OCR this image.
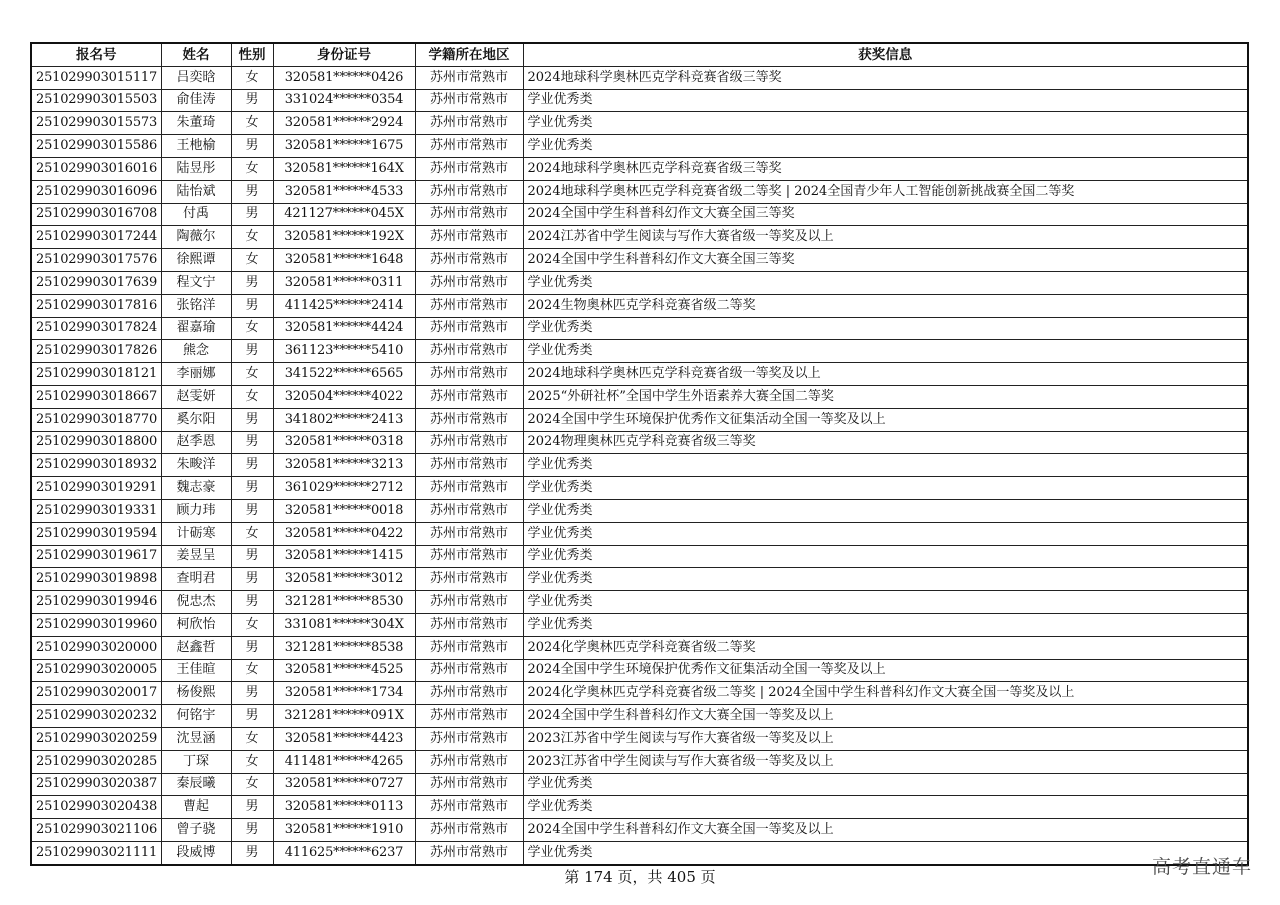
报名号	姓名	性别	身份证号	学籍所在地区	获奖信息
251029903015117	吕奕晗	女	320581******0426	苏州市常熟市	2024地球科学奥林匹克学科竞赛省级三等奖
251029903015503	俞佳涛	男	331024******0354	苏州市常熟市	学业优秀类
251029903015573	朱董琦	女	320581******2924	苏州市常熟市	学业优秀类
251029903015586	王杝榆	男	320581******1675	苏州市常熟市	学业优秀类
251029903016016	陆昱彤	女	320581******164X	苏州市常熟市	2024地球科学奥林匹克学科竞赛省级三等奖
251029903016096	陆怡斌	男	320581******4533	苏州市常熟市	2024地球科学奥林匹克学科竞赛省级二等奖 | 2024全国青少年人工智能创新挑战赛全国二等奖
251029903016708	付禹	男	421127******045X	苏州市常熟市	2024全国中学生科普科幻作文大赛全国三等奖
251029903017244	陶薇尔	女	320581******192X	苏州市常熟市	2024江苏省中学生阅读与写作大赛省级一等奖及以上
251029903017576	徐熙谭	女	320581******1648	苏州市常熟市	2024全国中学生科普科幻作文大赛全国三等奖
251029903017639	程文宁	男	320581******0311	苏州市常熟市	学业优秀类
251029903017816	张铭洋	男	411425******2414	苏州市常熟市	2024生物奥林匹克学科竞赛省级二等奖
251029903017824	翟嘉瑜	女	320581******4424	苏州市常熟市	学业优秀类
251029903017826	熊念	男	361123******5410	苏州市常熟市	学业优秀类
251029903018121	李丽娜	女	341522******6565	苏州市常熟市	2024地球科学奥林匹克学科竞赛省级一等奖及以上
251029903018667	赵雯妍	女	320504******4022	苏州市常熟市	2025“外研社杯”全国中学生外语素养大赛全国二等奖
251029903018770	奚尔阳	男	341802******2413	苏州市常熟市	2024全国中学生环境保护优秀作文征集活动全国一等奖及以上
251029903018800	赵季恩	男	320581******0318	苏州市常熟市	2024物理奥林匹克学科竞赛省级三等奖
251029903018932	朱畯洋	男	320581******3213	苏州市常熟市	学业优秀类
251029903019291	魏志豪	男	361029******2712	苏州市常熟市	学业优秀类
251029903019331	顾力玮	男	320581******0018	苏州市常熟市	学业优秀类
251029903019594	计砺寒	女	320581******0422	苏州市常熟市	学业优秀类
251029903019617	姜昱呈	男	320581******1415	苏州市常熟市	学业优秀类
251029903019898	查明君	男	320581******3012	苏州市常熟市	学业优秀类
251029903019946	倪忠杰	男	321281******8530	苏州市常熟市	学业优秀类
251029903019960	柯欣怡	女	331081******304X	苏州市常熟市	学业优秀类
251029903020000	赵鑫哲	男	321281******8538	苏州市常熟市	2024化学奥林匹克学科竞赛省级二等奖
251029903020005	王佳暄	女	320581******4525	苏州市常熟市	2024全国中学生环境保护优秀作文征集活动全国一等奖及以上
251029903020017	杨俊熙	男	320581******1734	苏州市常熟市	2024化学奥林匹克学科竞赛省级二等奖 | 2024全国中学生科普科幻作文大赛全国一等奖及以上
251029903020232	何铭宇	男	321281******091X	苏州市常熟市	2024全国中学生科普科幻作文大赛全国一等奖及以上
251029903020259	沈昱涵	女	320581******4423	苏州市常熟市	2023江苏省中学生阅读与写作大赛省级一等奖及以上
251029903020285	丁琛	女	411481******4265	苏州市常熟市	2023江苏省中学生阅读与写作大赛省级一等奖及以上
251029903020387	秦辰曦	女	320581******0727	苏州市常熟市	学业优秀类
251029903020438	曹起	男	320581******0113	苏州市常熟市	学业优秀类
251029903021106	曾子骁	男	320581******1910	苏州市常熟市	2024全国中学生科普科幻作文大赛全国一等奖及以上
251029903021111	段威博	男	411625******6237	苏州市常熟市	学业优秀类
第 174 页，共 405 页	高考直通车
